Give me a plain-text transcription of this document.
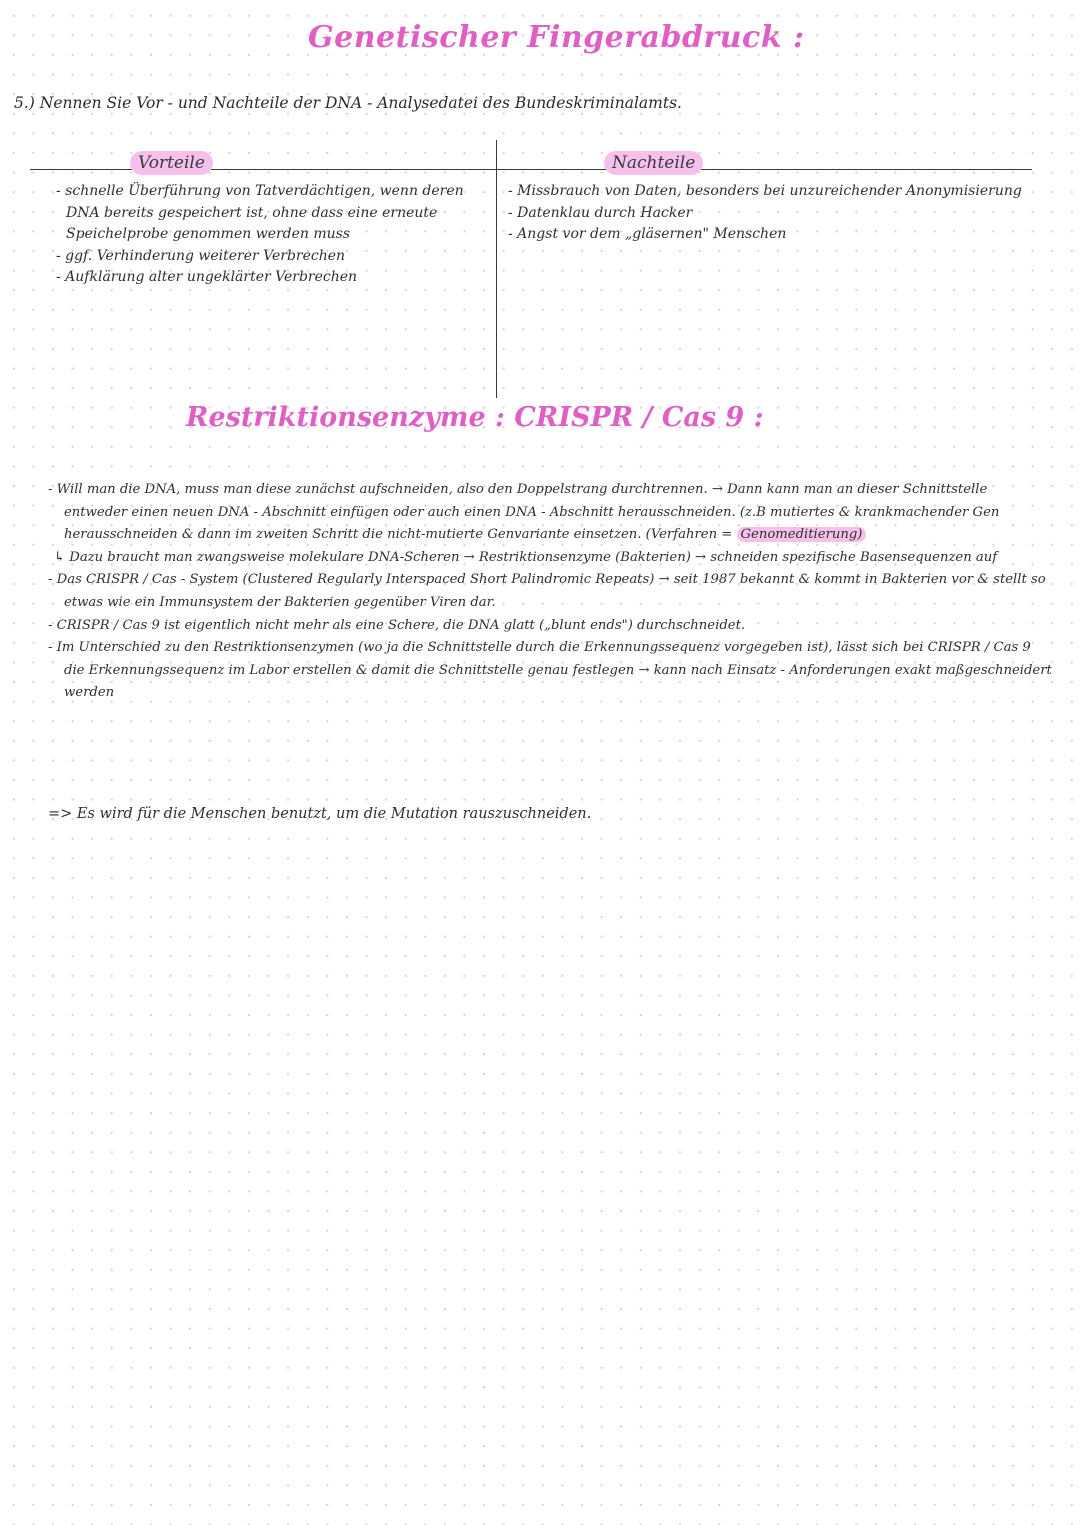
Genetischer Fingerabdruck :
5.) Nennen Sie Vor - und Nachteile der DNA - Analysedatei des Bundeskriminalamts.
Vorteile	Nachteile
- schnelle Überführung von Tatverdächtigen, wenn deren DNA bereits gespeichert ist, ohne dass eine erneute Speichelprobe genommen werden muss
- ggf. Verhinderung weiterer Verbrechen
- Aufklärung alter ungeklärter Verbrechen
- Missbrauch von Daten, besonders bei unzureichender Anonymisierung
- Datenklau durch Hacker
- Angst vor dem „gläsernen" Menschen
Restriktionsenzyme : CRISPR / Cas 9 :
- Will man die DNA, muss man diese zunächst aufschneiden, also den Doppelstrang durchtrennen. → Dann kann man an dieser Schnittstelle entweder einen neuen DNA - Abschnitt einfügen oder auch einen DNA - Abschnitt herausschneiden. (z.B mutiertes & krankmachender Gen herausschneiden & dann im zweiten Schritt die nicht-mutierte Genvariante einsetzen. (Verfahren = Genomeditierung)
↳ Dazu braucht man zwangsweise molekulare DNA-Scheren → Restriktionsenzyme (Bakterien) → schneiden spezifische Basensequenzen auf
- Das CRISPR / Cas - System (Clustered Regularly Interspaced Short Palindromic Repeats) → seit 1987 bekannt & kommt in Bakterien vor & stellt so etwas wie ein Immunsystem der Bakterien gegenüber Viren dar.
- CRISPR / Cas 9 ist eigentlich nicht mehr als eine Schere, die DNA glatt („blunt ends") durchschneidet.
- Im Unterschied zu den Restriktionsenzymen (wo ja die Schnittstelle durch die Erkennungssequenz vorgegeben ist), lässt sich bei CRISPR / Cas 9 die Erkennungssequenz im Labor erstellen & damit die Schnittstelle genau festlegen → kann nach Einsatz - Anforderungen exakt maßgeschneidert werden
=> Es wird für die Menschen benutzt, um die Mutation rauszuschneiden.
